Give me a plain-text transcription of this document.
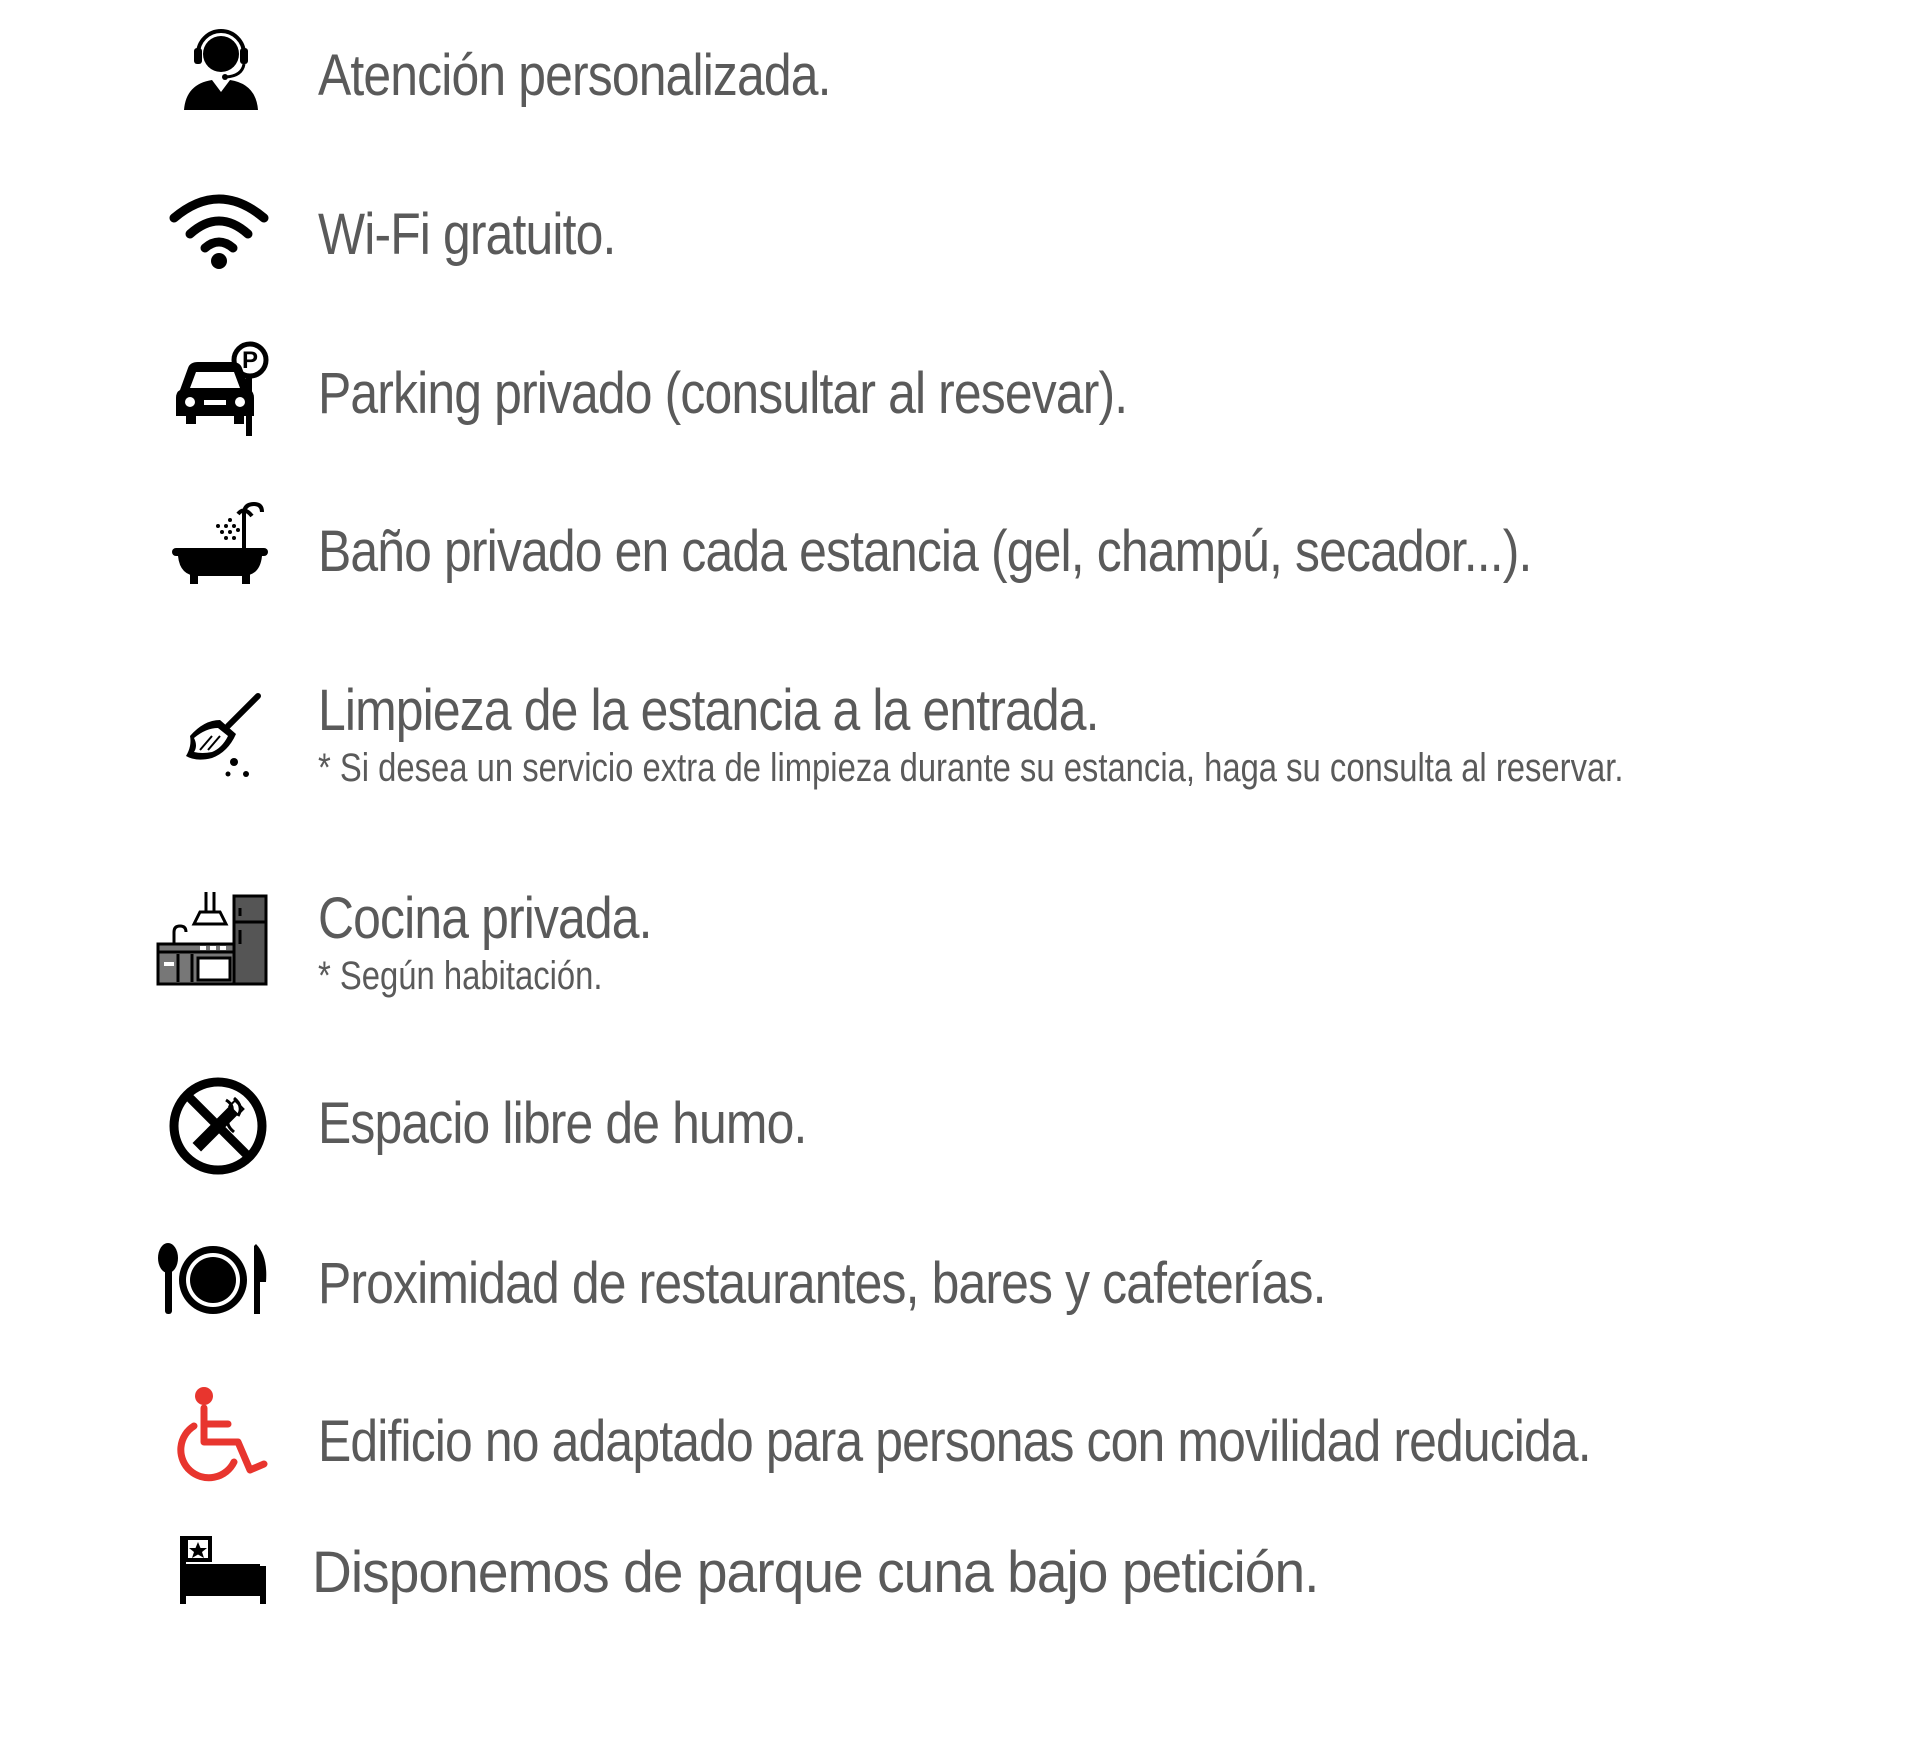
Atención personalizada.

Wi-Fi gratuito.

P

Parking privado (consultar al resevar).

Baño privado en cada estancia (gel, champú, secador...).

Limpieza de la estancia a la entrada.

* Si desea un servicio extra de limpieza durante su estancia, haga su consulta al reservar.

Cocina privada.

* Según habitación.

Espacio libre de humo.

Proximidad de restaurantes, bares y cafeterías.

Edificio no adaptado para personas con movilidad reducida.

Disponemos de parque cuna bajo petición.
